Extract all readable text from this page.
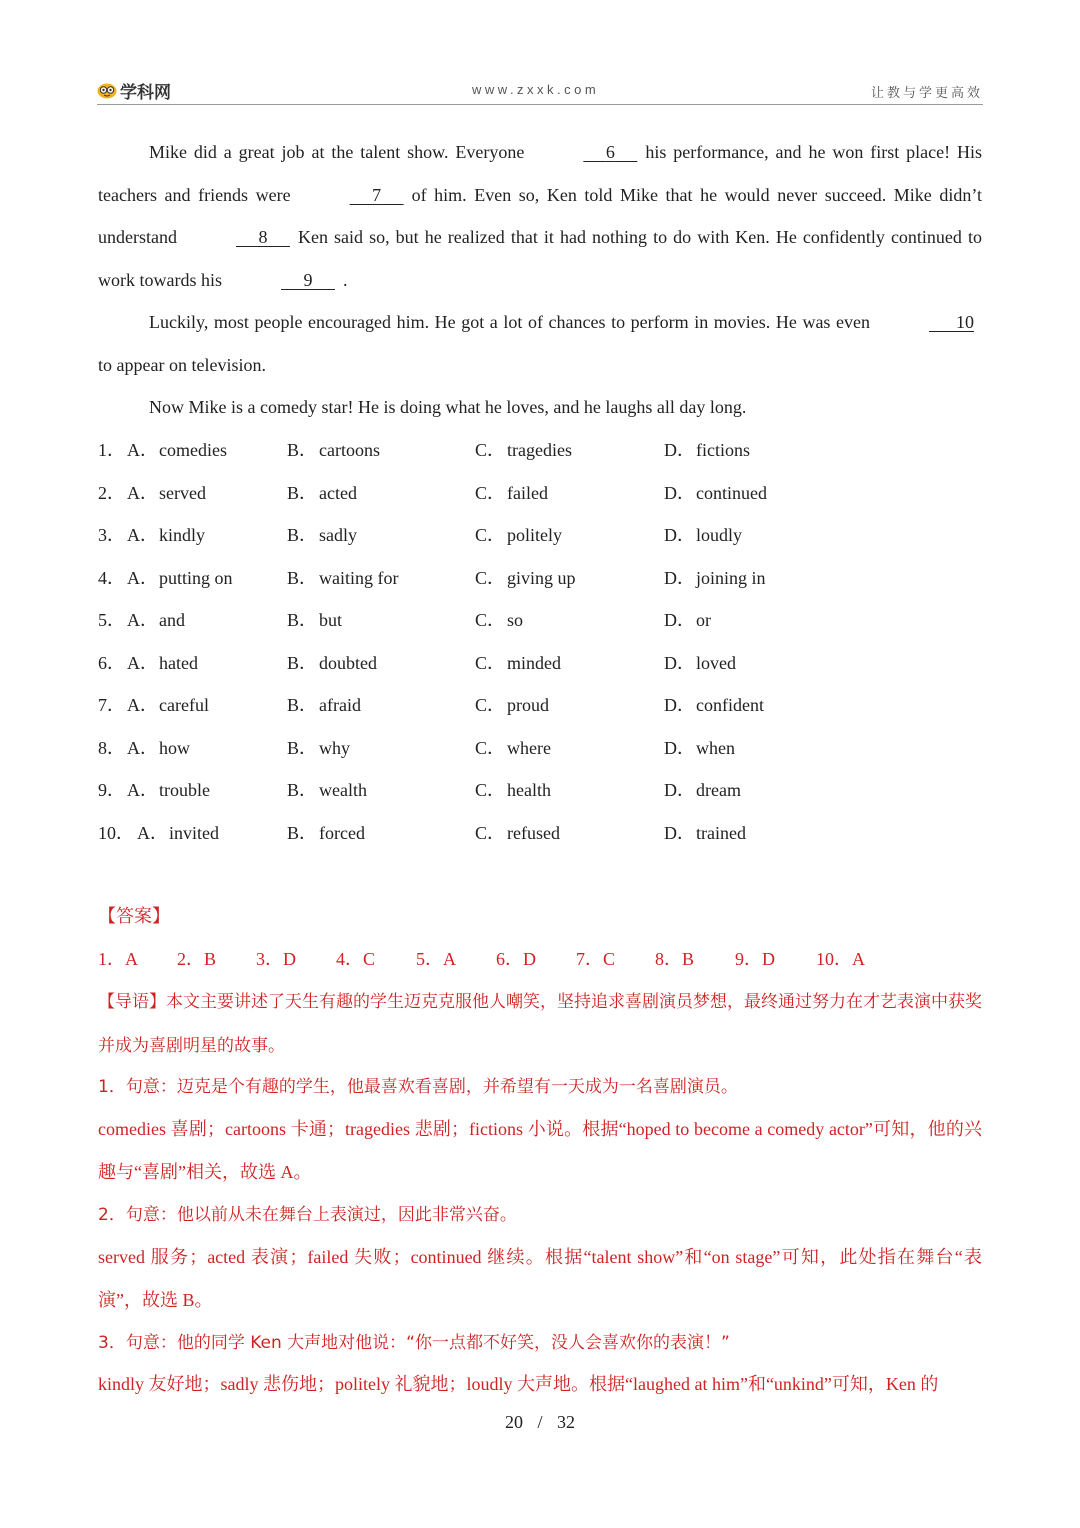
学科网	www.zxxk.com	让教与学更高效
Mike did a great job at the talent show. Everyone	6 his performance, and he won first place! His teachers and friends were	7 of him. Even so, Ken told Mike that he would never succeed. Mike didn’t understand	8 Ken said so, but he realized that it had nothing to do with Ken. He confidently continued to work towards his	9 .
Luckily, most people encouraged him. He got a lot of chances to perform in movies. He was even	10 to appear on television.
Now Mike is a comedy star! He is doing what he loves, and he laughs all day long.
1． A．comedies	B． cartoons	C． tragedies	D．fictions
2． A．served	B． acted	C． failed	D．continued
3． A．kindly	B． sadly	C． politely	D．loudly
4． A．putting on	B． waiting for	C． giving up	D．joining in
5． A．and	B． but	C． so	D．or
6． A．hated	B． doubted	C． minded	D．loved
7． A．careful	B． afraid	C． proud	D．confident
8． A．how	B． why	C． where	D．when
9． A．trouble	B． wealth	C． health	D．dream
10． A．invited	B． forced	C． refused	D．trained
【答案】
1．A 2．B 3．D 4．C 5．A 6．D 7．C 8．B 9．D 10．A
【导语】本文主要讲述了天生有趣的学生迈克克服他人嘲笑，坚持追求喜剧演员梦想，最终通过努力在才艺表演中获奖并成为喜剧明星的故事。
1．句意：迈克是个有趣的学生，他最喜欢看喜剧，并希望有一天成为一名喜剧演员。
comedies 喜剧；cartoons 卡通；tragedies 悲剧；fictions 小说。根据“hoped to become a comedy actor”可知，他的兴趣与“喜剧”相关，故选 A。
2．句意：他以前从未在舞台上表演过，因此非常兴奋。
served 服务；acted 表演；failed 失败；continued 继续。根据“talent show”和“on stage”可知，此处指在舞台“表演”，故选 B。
3．句意：他的同学 Ken 大声地对他说：“你一点都不好笑，没人会喜欢你的表演！”
kindly 友好地；sadly 悲伤地；politely 礼貌地；loudly 大声地。根据“laughed at him”和“unkind”可知，Ken 的
20 / 32
